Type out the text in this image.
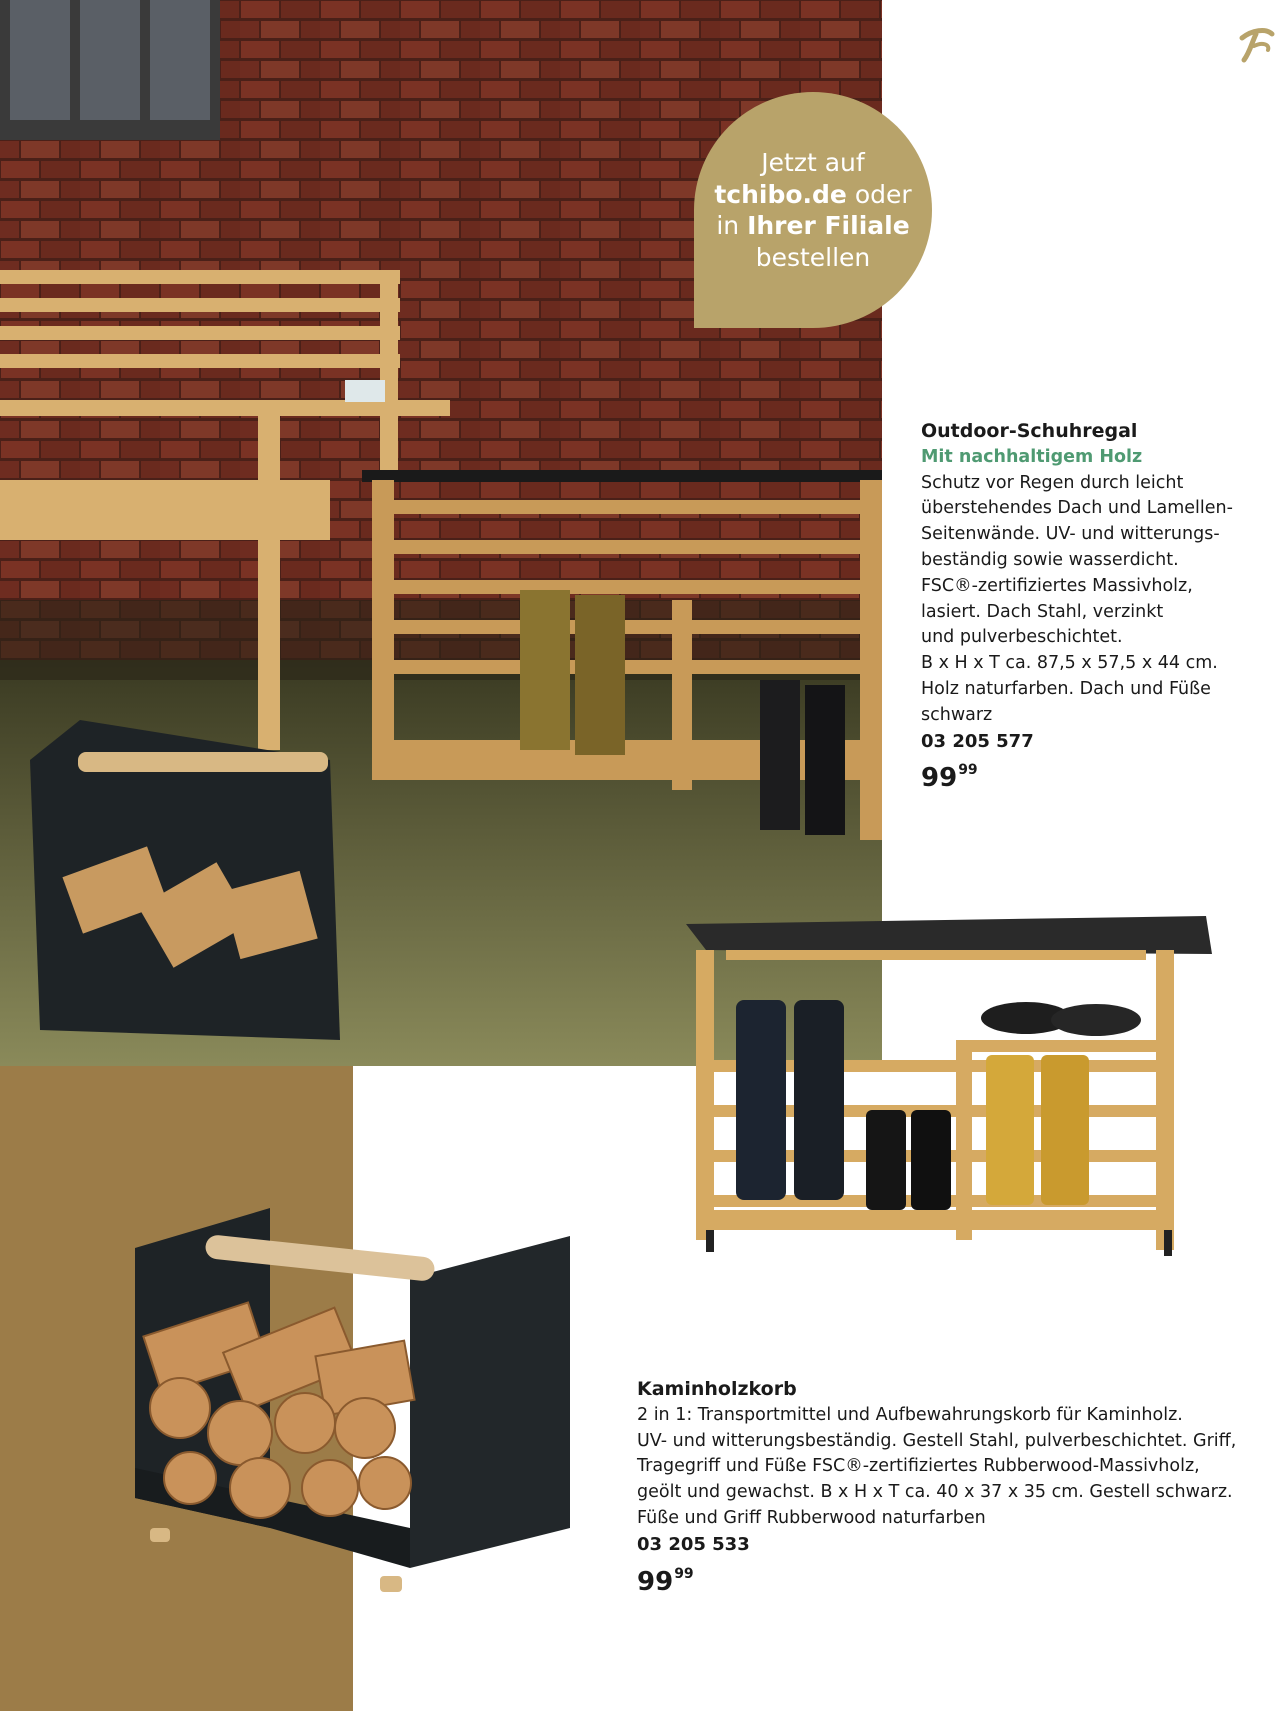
Jetzt auf
tchibo.de oder
in Ihrer Filiale
bestellen
Outdoor-Schuhregal
Mit nachhaltigem Holz

Schutz vor Regen durch leicht

überstehendes Dach und Lamellen-

Seitenwände. UV- und witterungs-

beständig sowie wasserdicht.

FSC®-zertifiziertes Massivholz,

lasiert. Dach Stahl, verzinkt

und pulverbeschichtet.

B x H x T ca. 87,5 x 57,5 x 44 cm.

Holz naturfarben. Dach und Füße

schwarz

03 205 577
$99^{99}$
Kaminholzkorb

2 in 1: Transportmittel und Aufbewahrungskorb für Kaminholz.

UV- und witterungsbeständig. Gestell Stahl, pulverbeschichtet. Griff,

Tragegriff und Füße FSC®-zertifiziertes Rubberwood-Massivholz,

geölt und gewachst. B x H x T ca. 40 x 37 x 35 cm. Gestell schwarz.

Füße und Griff Rubberwood naturfarben

03 205 533
$99^{99}$
